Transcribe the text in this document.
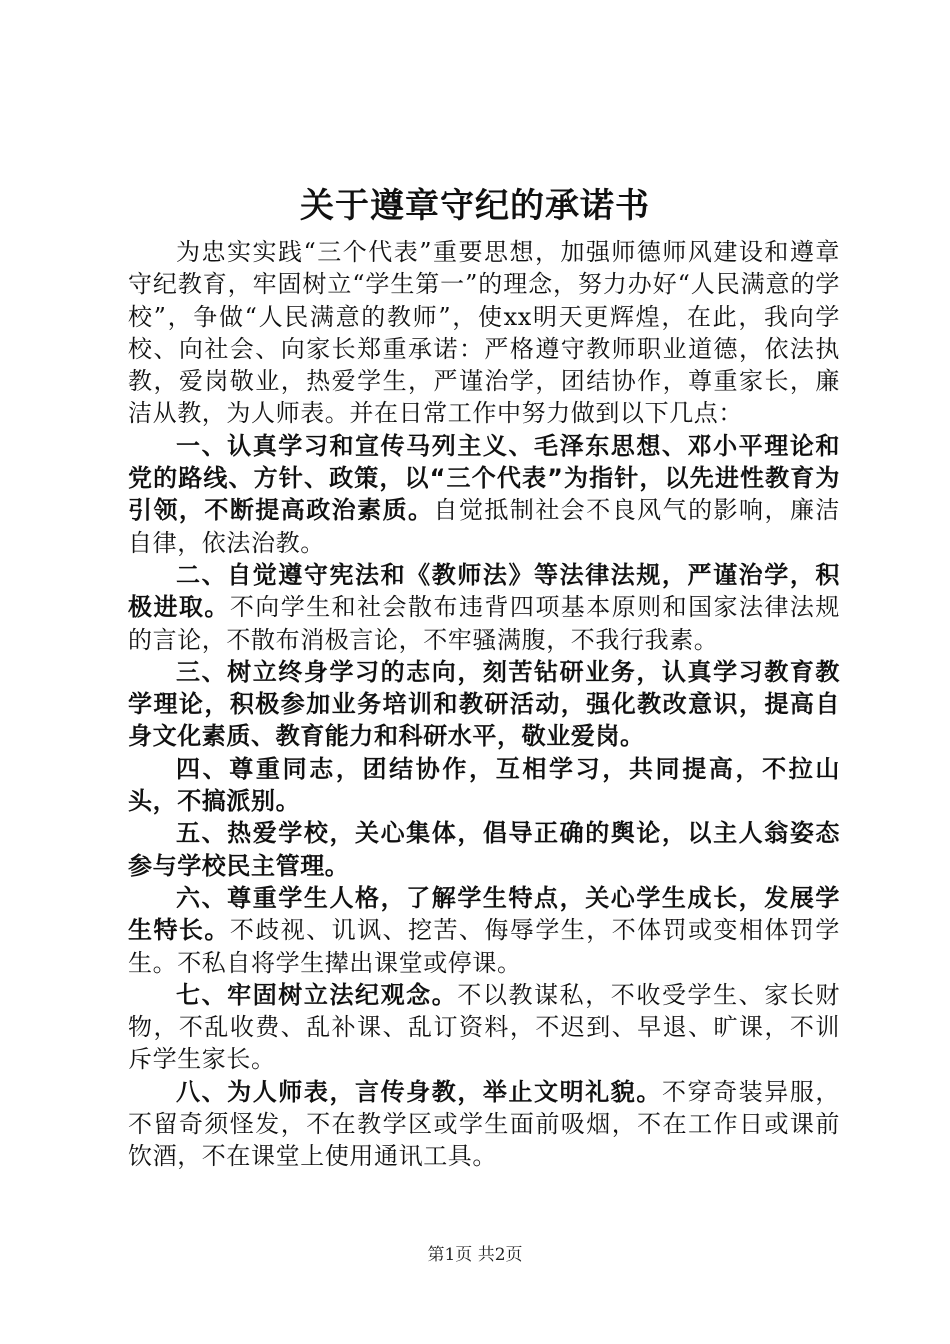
关于遵章守纪的承诺书

为忠实实践“三个代表”重要思想，加强师德师风建设和遵章守纪教育，牢固树立“学生第一”的理念，努力办好“人民满意的学校”，争做“人民满意的教师”，使xx明天更辉煌，在此，我向学校、向社会、向家长郑重承诺：严格遵守教师职业道德，依法执教，爱岗敬业，热爱学生，严谨治学，团结协作，尊重家长，廉洁从教，为人师表。并在日常工作中努力做到以下几点：

一、认真学习和宣传马列主义、毛泽东思想、邓小平理论和党的路线、方针、政策，以“三个代表”为指针，以先进性教育为引领，不断提高政治素质。自觉抵制社会不良风气的影响，廉洁自律，依法治教。

二、自觉遵守宪法和《教师法》等法律法规，严谨治学，积极进取。不向学生和社会散布违背四项基本原则和国家法律法规的言论，不散布消极言论，不牢骚满腹，不我行我素。

三、树立终身学习的志向，刻苦钻研业务，认真学习教育教学理论，积极参加业务培训和教研活动，强化教改意识，提高自身文化素质、教育能力和科研水平，敬业爱岗。

四、尊重同志，团结协作，互相学习，共同提高，不拉山头，不搞派别。

五、热爱学校，关心集体，倡导正确的舆论，以主人翁姿态参与学校民主管理。

六、尊重学生人格，了解学生特点，关心学生成长，发展学生特长。不歧视、讥讽、挖苦、侮辱学生，不体罚或变相体罚学生。不私自将学生撵出课堂或停课。

七、牢固树立法纪观念。不以教谋私，不收受学生、家长财物，不乱收费、乱补课、乱订资料，不迟到、早退、旷课，不训斥学生家长。

八、为人师表，言传身教，举止文明礼貌。不穿奇装异服，不留奇须怪发，不在教学区或学生面前吸烟，不在工作日或课前饮酒，不在课堂上使用通讯工具。

第1页 共2页
